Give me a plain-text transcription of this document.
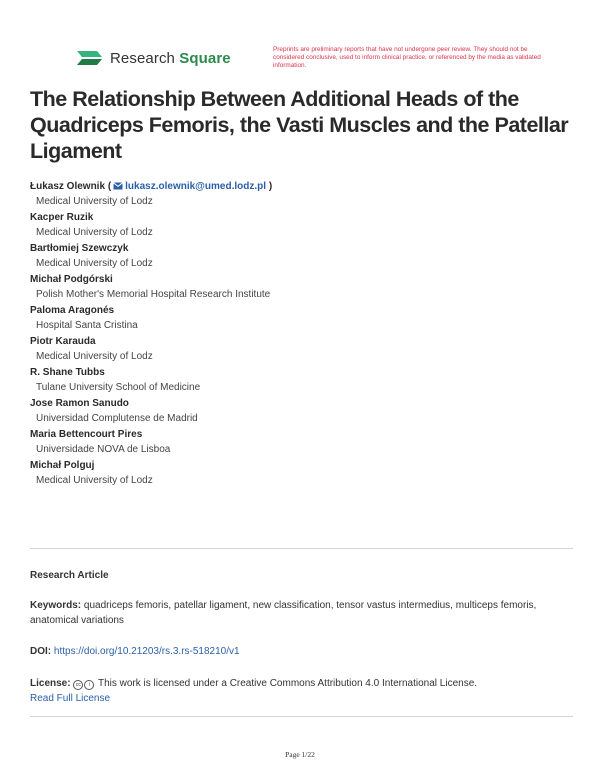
Research Square	Preprints are preliminary reports that have not undergone peer review. They should not be considered conclusive, used to inform clinical practice, or referenced by the media as validated information.
The Relationship Between Additional Heads of the Quadriceps Femoris, the Vasti Muscles and the Patellar Ligament
Łukasz Olewnik ( lukasz.olewnik@umed.lodz.pl )
Medical University of Lodz
Kacper Ruzik
Medical University of Lodz
Bartłomiej Szewczyk
Medical University of Lodz
Michał Podgórski
Polish Mother's Memorial Hospital Research Institute
Paloma Aragonés
Hospital Santa Cristina
Piotr Karauda
Medical University of Lodz
R. Shane Tubbs
Tulane University School of Medicine
Jose Ramon Sanudo
Universidad Complutense de Madrid
Maria Bettencourt Pires
Universidade NOVA de Lisboa
Michał Polguj
Medical University of Lodz
Research Article
Keywords: quadriceps femoris, patellar ligament, new classification, tensor vastus intermedius, multiceps femoris, anatomical variations
DOI: https://doi.org/10.21203/rs.3.rs-518210/v1
License: cc i This work is licensed under a Creative Commons Attribution 4.0 International License.
Read Full License
Page 1/22
